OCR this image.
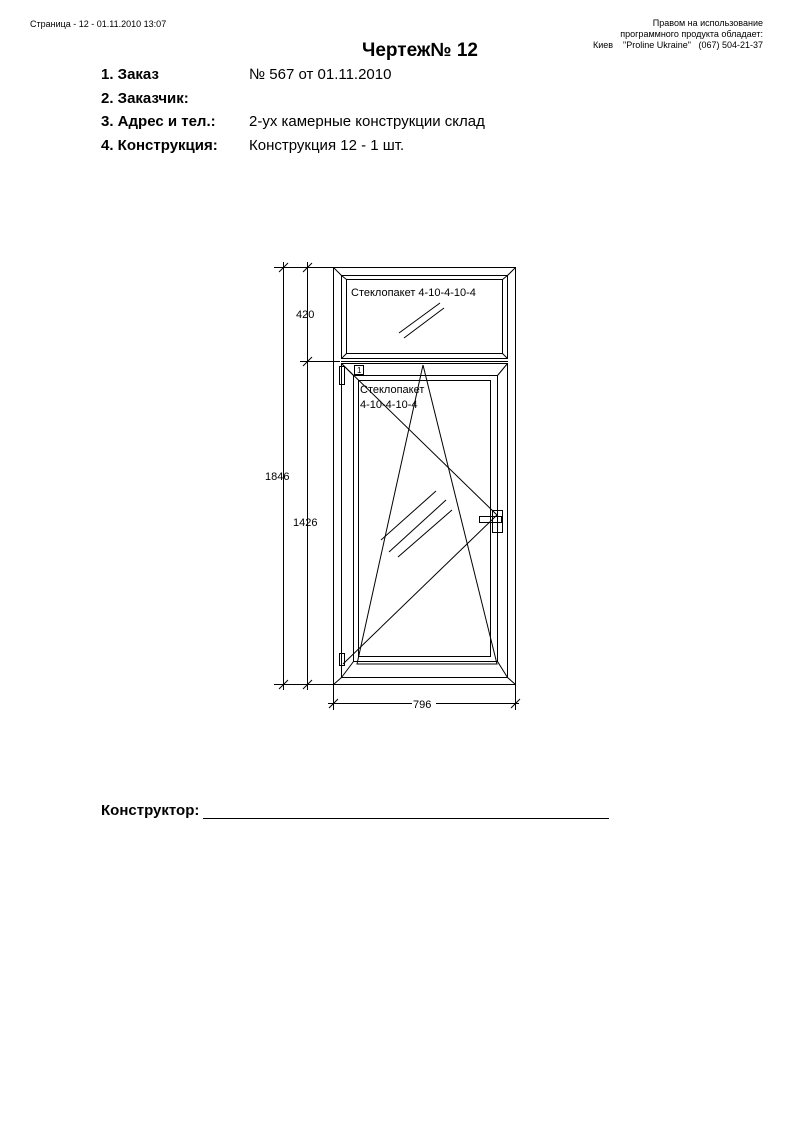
Страница - 12 - 01.11.2010 13:07	Правом на использование
программного продукта обладает:
Киев    "Proline Ukraine"   (067) 504-21-37
Чертеж№ 12
1. Заказ	№ 567 от 01.11.2010
2. Заказчик:
3. Адрес и тел.:	2-ух камерные конструкции склад
4. Конструкция:	Конструкция 12 - 1 шт.
Стеклопакет 4-10-4-10-4
Стеклопакет
4-10-4-10-4
1846
420
1426
796
1
Конструктор:
